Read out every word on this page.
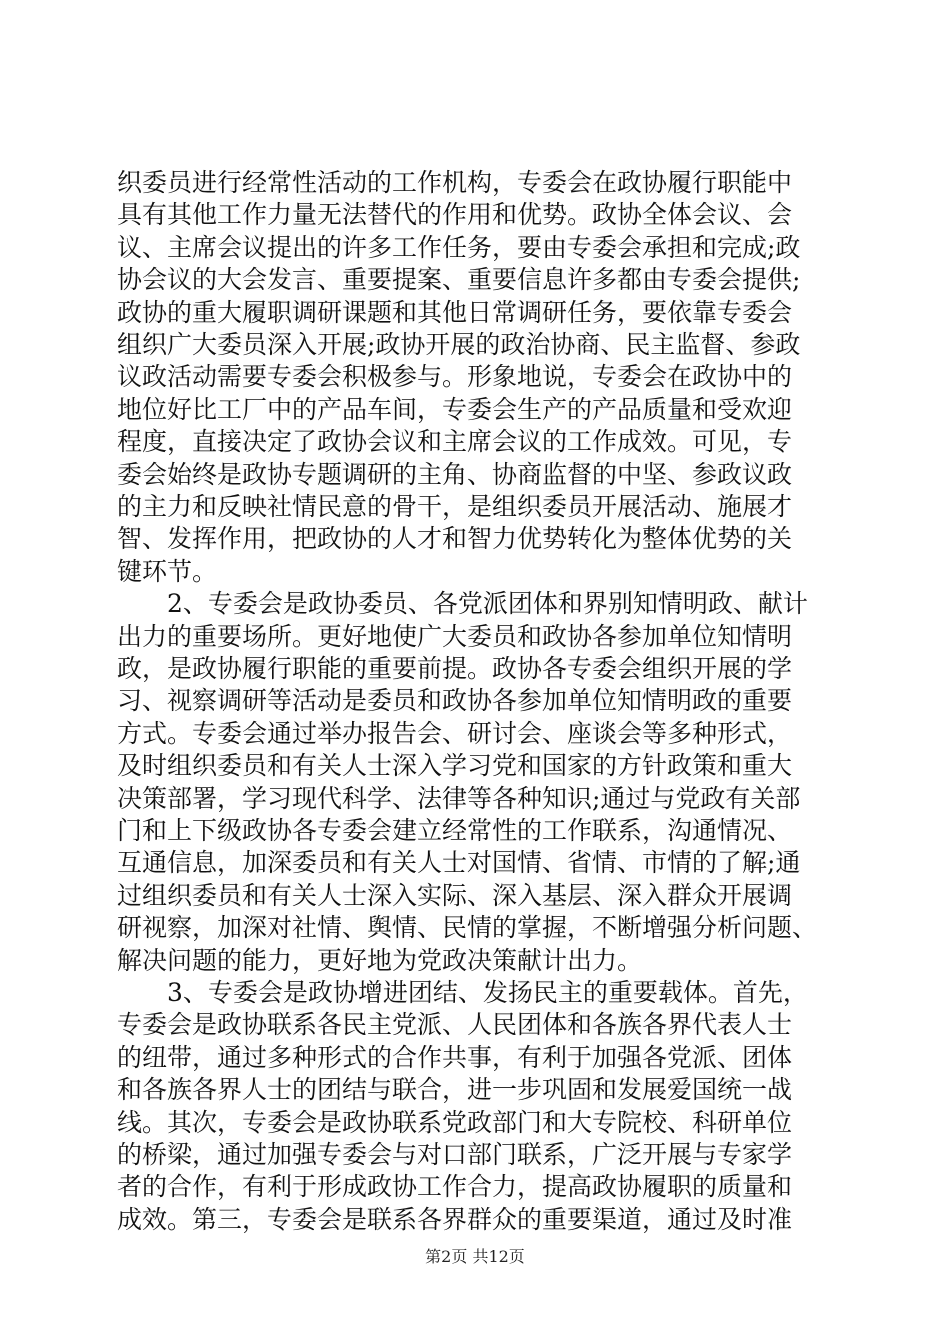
织委员进行经常性活动的工作机构，专委会在政协履行职能中
具有其他工作力量无法替代的作用和优势。政协全体会议、会
议、主席会议提出的许多工作任务，要由专委会承担和完成;政
协会议的大会发言、重要提案、重要信息许多都由专委会提供;
政协的重大履职调研课题和其他日常调研任务，要依靠专委会
组织广大委员深入开展;政协开展的政治协商、民主监督、参政
议政活动需要专委会积极参与。形象地说，专委会在政协中的
地位好比工厂中的产品车间，专委会生产的产品质量和受欢迎
程度，直接决定了政协会议和主席会议的工作成效。可见，专
委会始终是政协专题调研的主角、协商监督的中坚、参政议政
的主力和反映社情民意的骨干，是组织委员开展活动、施展才
智、发挥作用，把政协的人才和智力优势转化为整体优势的关
键环节。
　　2、专委会是政协委员、各党派团体和界别知情明政、献计
出力的重要场所。更好地使广大委员和政协各参加单位知情明
政，是政协履行职能的重要前提。政协各专委会组织开展的学
习、视察调研等活动是委员和政协各参加单位知情明政的重要
方式。专委会通过举办报告会、研讨会、座谈会等多种形式，
及时组织委员和有关人士深入学习党和国家的方针政策和重大
决策部署，学习现代科学、法律等各种知识;通过与党政有关部
门和上下级政协各专委会建立经常性的工作联系，沟通情况、
互通信息，加深委员和有关人士对国情、省情、市情的了解;通
过组织委员和有关人士深入实际、深入基层、深入群众开展调
研视察，加深对社情、舆情、民情的掌握，不断增强分析问题、
解决问题的能力，更好地为党政决策献计出力。
　　3、专委会是政协增进团结、发扬民主的重要载体。首先，
专委会是政协联系各民主党派、人民团体和各族各界代表人士
的纽带，通过多种形式的合作共事，有利于加强各党派、团体
和各族各界人士的团结与联合，进一步巩固和发展爱国统一战
线。其次，专委会是政协联系党政部门和大专院校、科研单位
的桥梁，通过加强专委会与对口部门联系，广泛开展与专家学
者的合作，有利于形成政协工作合力，提高政协履职的质量和
成效。第三，专委会是联系各界群众的重要渠道，通过及时准
第2页 共12页
